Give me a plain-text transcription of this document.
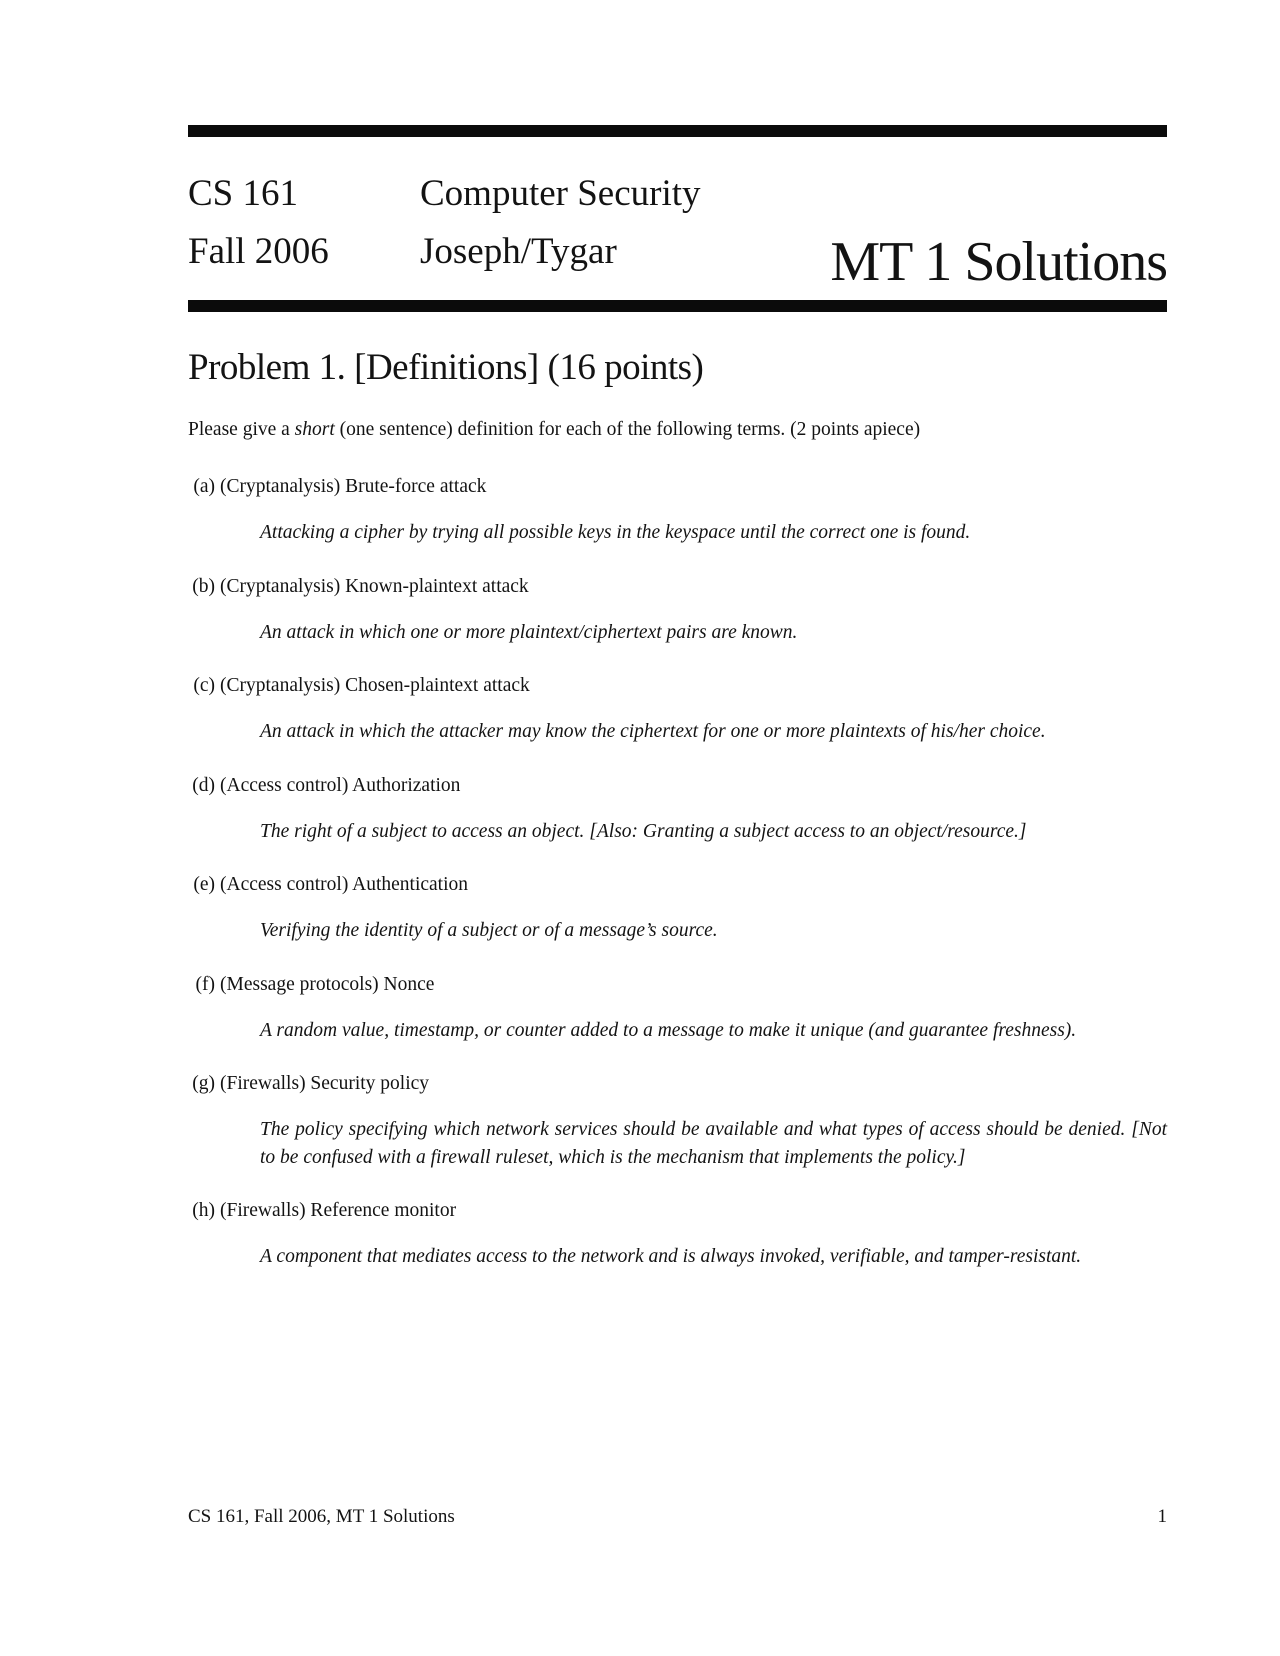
CS 161	Computer Security
Fall 2006 Joseph/Tygar	MT 1 Solutions
Problem 1. [Definitions] (16 points)
Please give a short (one sentence) definition for each of the following terms. (2 points apiece)
(a) (Cryptanalysis) Brute-force attack
Attacking a cipher by trying all possible keys in the keyspace until the correct one is found.
(b) (Cryptanalysis) Known-plaintext attack
An attack in which one or more plaintext/ciphertext pairs are known.
(c) (Cryptanalysis) Chosen-plaintext attack
An attack in which the attacker may know the ciphertext for one or more plaintexts of his/her choice.
(d) (Access control) Authorization
The right of a subject to access an object. [Also: Granting a subject access to an object/resource.]
(e) (Access control) Authentication
Verifying the identity of a subject or of a message’s source.
(f) (Message protocols) Nonce
A random value, timestamp, or counter added to a message to make it unique (and guarantee freshness).
(g) (Firewalls) Security policy
The policy specifying which network services should be available and what types of access should be denied. [Not to be confused with a firewall ruleset, which is the mechanism that implements the policy.]
(h) (Firewalls) Reference monitor
A component that mediates access to the network and is always invoked, verifiable, and tamper-resistant.
CS 161, Fall 2006, MT 1 Solutions	1
